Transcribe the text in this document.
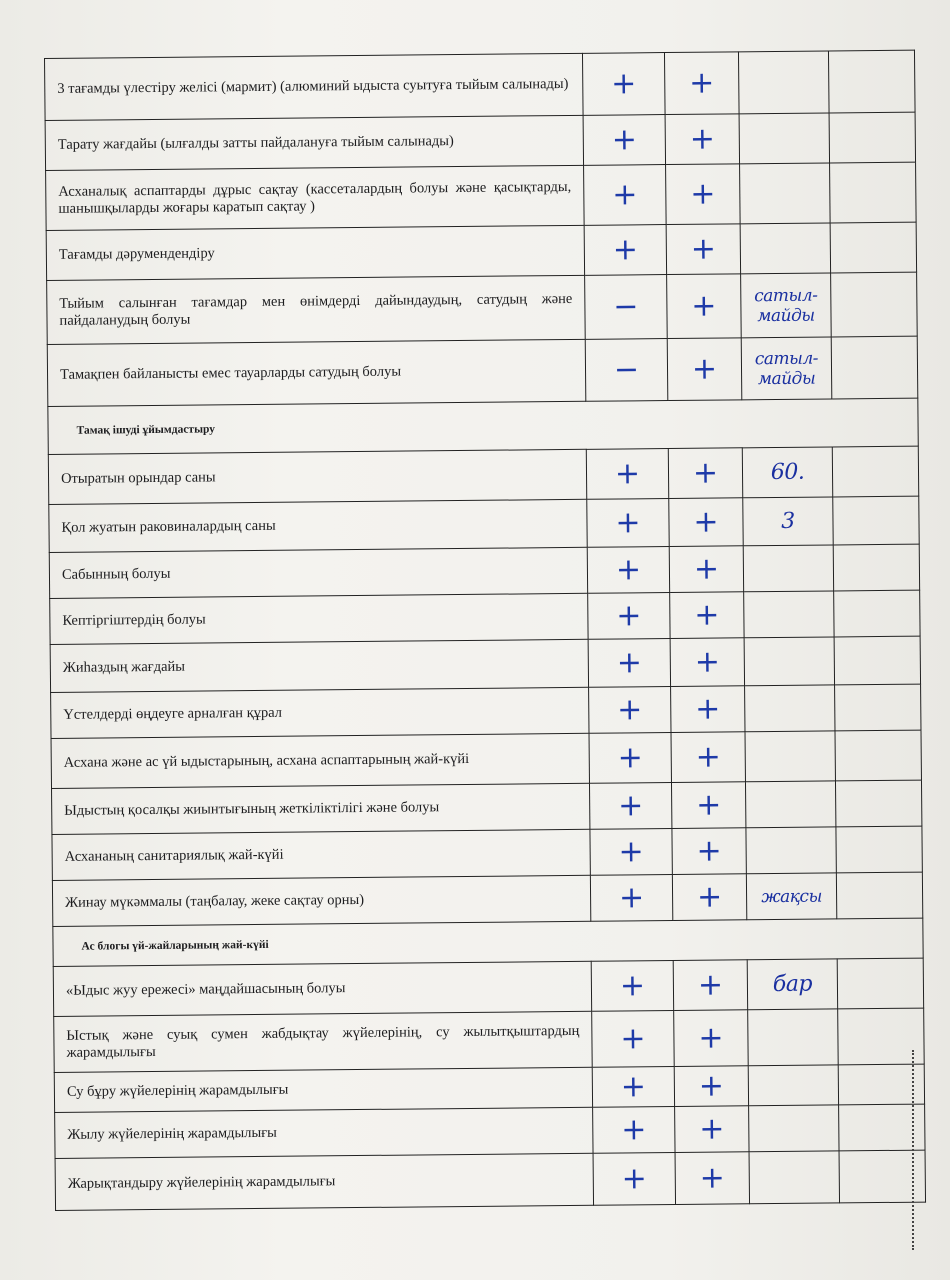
3 тағамды үлестіру желісі (мармит) (алюминий ыдыста суытуға тыйым салынады)	+	+		
Тарату жағдайы (ылғалды затты пайдалануға тыйым салынады)	+	+		
Асханалық аспаптарды дұрыс сақтау (кассеталардың болуы және қасықтарды, шанышқыларды жоғары каратып сақтау )	+	+		
Тағамды дәрумендендіру	+	+		
Тыйым салынған тағамдар мен өнімдерді дайындаудың, сатудың және пайдаланудың болуы	−	+	сатыл-
майды	
Тамақпен байланысты емес тауарларды сатудың болуы	−	+	сатыл-
майды	
Тамақ ішуді ұйымдастыру				
Отыратын орындар саны	+	+	60.	
Қол жуатын раковиналардың саны	+	+	3	
Сабынның болуы	+	+		
Кептіргіштердің болуы	+	+		
Жиһаздың жағдайы	+	+		
Үстелдерді өңдеуге арналған құрал	+	+		
Асхана және ас үй ыдыстарының, асхана аспаптарының жай-күйі	+	+		
Ыдыстың қосалқы жиынтығының жеткіліктілігі және болуы	+	+		
Асхананың санитариялық жай-күйі	+	+		
Жинау мүкәммалы (таңбалау, жеке сақтау орны)	+	+	жақсы	
Ас блогы үй-жайларының жай-күйі				
«Ыдыс жуу ережесі» маңдайшасының болуы	+	+	бар	
Ыстық және суық сумен жабдықтау жүйелерінің, су жылытқыштардың жарамдылығы	+	+		
Су бұру жүйелерінің жарамдылығы	+	+		
Жылу жүйелерінің жарамдылығы	+	+		
Жарықтандыру жүйелерінің жарамдылығы	+	+		
